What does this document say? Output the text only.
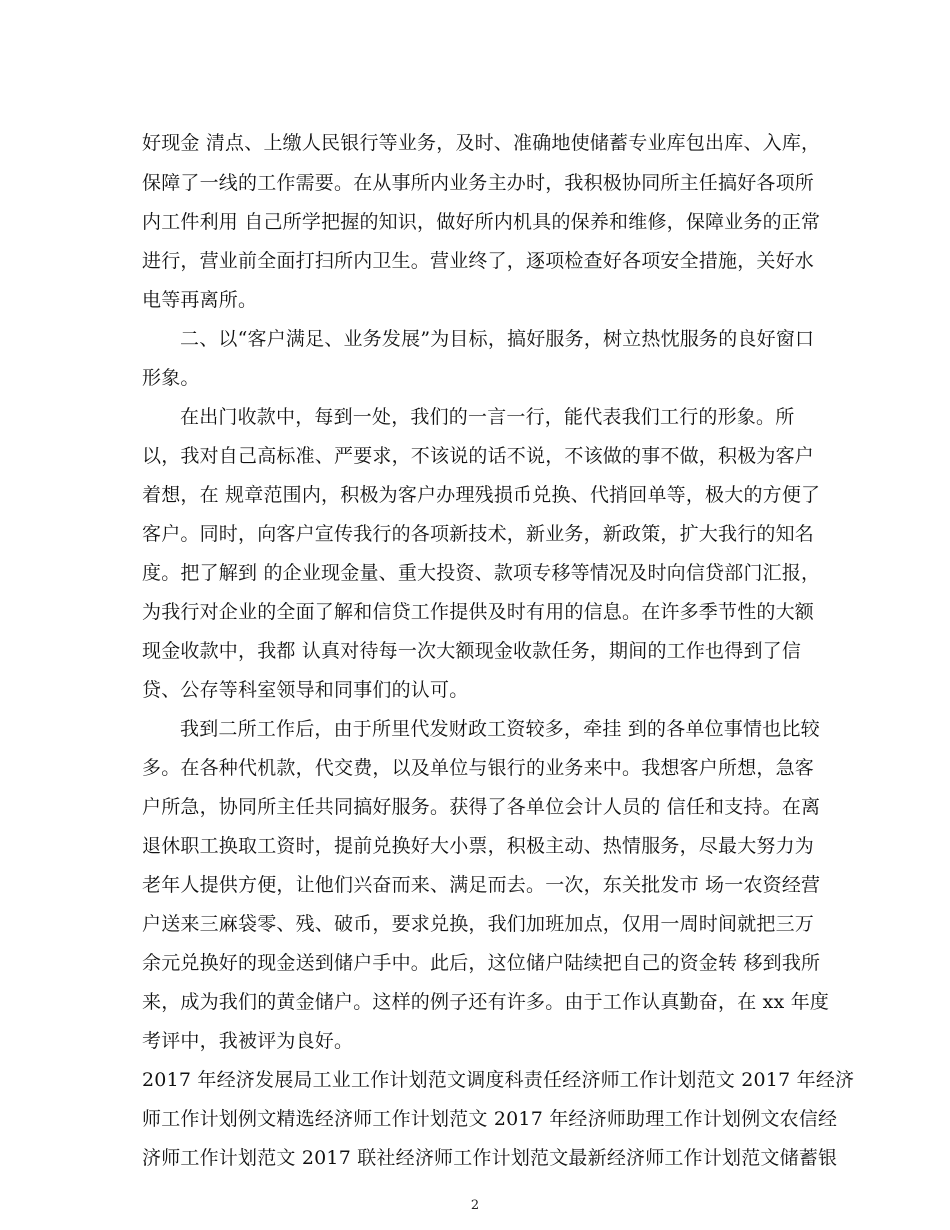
好现金 清点、上缴人民银行等业务，及时、准确地使储蓄专业库包出库、入库，
保障了一线的工作需要。在从事所内业务主办时，我积极协同所主任搞好各项所
内工件利用 自己所学把握的知识，做好所内机具的保养和维修，保障业务的正常
进行，营业前全面打扫所内卫生。营业终了，逐项检查好各项安全措施，关好水
电等再离所。
二、以“客户满足、业务发展”为目标，搞好服务，树立热忱服务的良好窗口
形象。
在出门收款中，每到一处，我们的一言一行，能代表我们工行的形象。所
以，我对自己高标准、严要求，不该说的话不说，不该做的事不做，积极为客户
着想，在 规章范围内，积极为客户办理残损币兑换、代捎回单等，极大的方便了
客户。同时，向客户宣传我行的各项新技术，新业务，新政策，扩大我行的知名
度。把了解到 的企业现金量、重大投资、款项专移等情况及时向信贷部门汇报，
为我行对企业的全面了解和信贷工作提供及时有用的信息。在许多季节性的大额
现金收款中，我都 认真对待每一次大额现金收款任务，期间的工作也得到了信
贷、公存等科室领导和同事们的认可。
我到二所工作后，由于所里代发财政工资较多，牵挂 到的各单位事情也比较
多。在各种代机款，代交费，以及单位与银行的业务来中。我想客户所想，急客
户所急，协同所主任共同搞好服务。获得了各单位会计人员的 信任和支持。在离
退休职工换取工资时，提前兑换好大小票，积极主动、热情服务，尽最大努力为
老年人提供方便，让他们兴奋而来、满足而去。一次，东关批发市 场一农资经营
户送来三麻袋零、残、破币，要求兑换，我们加班加点，仅用一周时间就把三万
余元兑换好的现金送到储户手中。此后，这位储户陆续把自己的资金转 移到我所
来，成为我们的黄金储户。这样的例子还有许多。由于工作认真勤奋，在 xx 年度
考评中，我被评为良好。
2017 年经济发展局工业工作计划范文调度科责任经济师工作计划范文 2017 年经济
师工作计划例文精选经济师工作计划范文 2017 年经济师助理工作计划例文农信经
济师工作计划范文 2017 联社经济师工作计划范文最新经济师工作计划范文储蓄银
2
